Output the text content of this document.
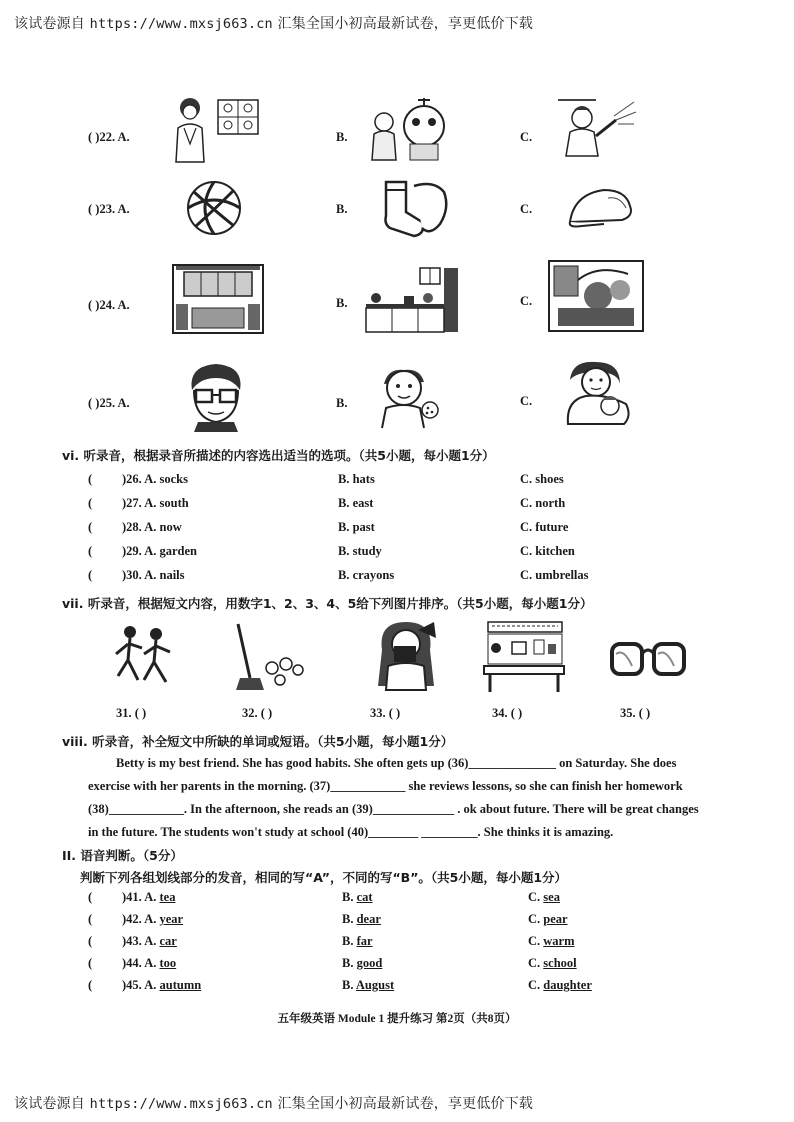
该试卷源自 https://www.mxsj663.cn 汇集全国小初高最新试卷，享更低价下载
( )22. A.	B.	C.
( )23. A.	B.	C.
( )24. A.	B.	C.
( )25. A.	B.	C.
vi. 听录音，根据录音所描述的内容选出适当的选项。（共5小题，每小题1分）
( )26. A. socks	B. hats	C. shoes
( )27. A. south	B. east	C. north
( )28. A. now	B. past	C. future
( )29. A. garden	B. study	C. kitchen
( )30. A. nails	B. crayons	C. umbrellas
vii. 听录音，根据短文内容，用数字1、2、3、4、5给下列图片排序。（共5小题，每小题1分）
31. ( )	32. ( )	33. ( )	34. ( )	35. ( )
viii. 听录音，补全短文中所缺的单词或短语。（共5小题，每小题1分）
Betty is my best friend. She has good habits. She often gets up (36)______________ on Saturday. She does
exercise with her parents in the morning. (37)____________ she reviews lessons, so she can finish her homework
(38)____________. In the afternoon, she reads an (39)_____________ . ok about future. There will be great changes
in the future. The students won't study at school (40)________ _________. She thinks it is amazing.
II. 语音判断。（5分）
判断下列各组划线部分的发音，相同的写“A”，不同的写“B”。（共5小题，每小题1分）
( )41. A. tea	B. cat	C. sea
( )42. A. year	B. dear	C. pear
( )43. A. car	B. far	C. warm
( )44. A. too	B. good	C. school
( )45. A. autumn	B. August	C. daughter
五年级英语 Module 1 提升练习 第2页（共8页）
该试卷源自 https://www.mxsj663.cn 汇集全国小初高最新试卷，享更低价下载
